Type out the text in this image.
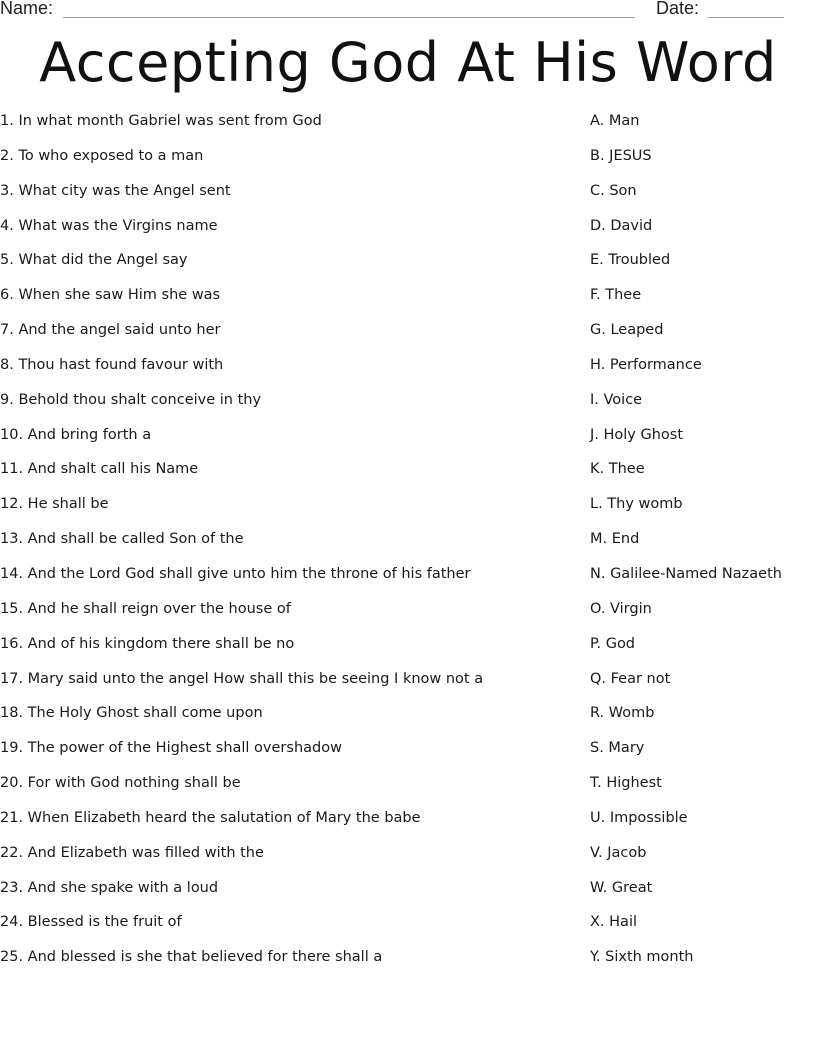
Name:	Date:
Accepting God At His Word
1. In what month Gabriel was sent from God
2. To who exposed to a man
3. What city was the Angel sent
4. What was the Virgins name
5. What did the Angel say
6. When she saw Him she was
7. And the angel said unto her
8. Thou hast found favour with
9. Behold thou shalt conceive in thy
10. And bring forth a
11. And shalt call his Name
12. He shall be
13. And shall be called Son of the
14. And the Lord God shall give unto him the throne of his father
15. And he shall reign over the house of
16. And of his kingdom there shall be no
17. Mary said unto the angel How shall this be seeing I know not a
18. The Holy Ghost shall come upon
19. The power of the Highest shall overshadow
20. For with God nothing shall be
21. When Elizabeth heard the salutation of Mary the babe
22. And Elizabeth was filled with the
23. And she spake with a loud
24. Blessed is the fruit of
25. And blessed is she that believed for there shall a
A. Man
B. JESUS
C. Son
D. David
E. Troubled
F. Thee
G. Leaped
H. Performance
I. Voice
J. Holy Ghost
K. Thee
L. Thy womb
M. End
N. Galilee-Named Nazaeth
O. Virgin
P. God
Q. Fear not
R. Womb
S. Mary
T. Highest
U. Impossible
V. Jacob
W. Great
X. Hail
Y. Sixth month
